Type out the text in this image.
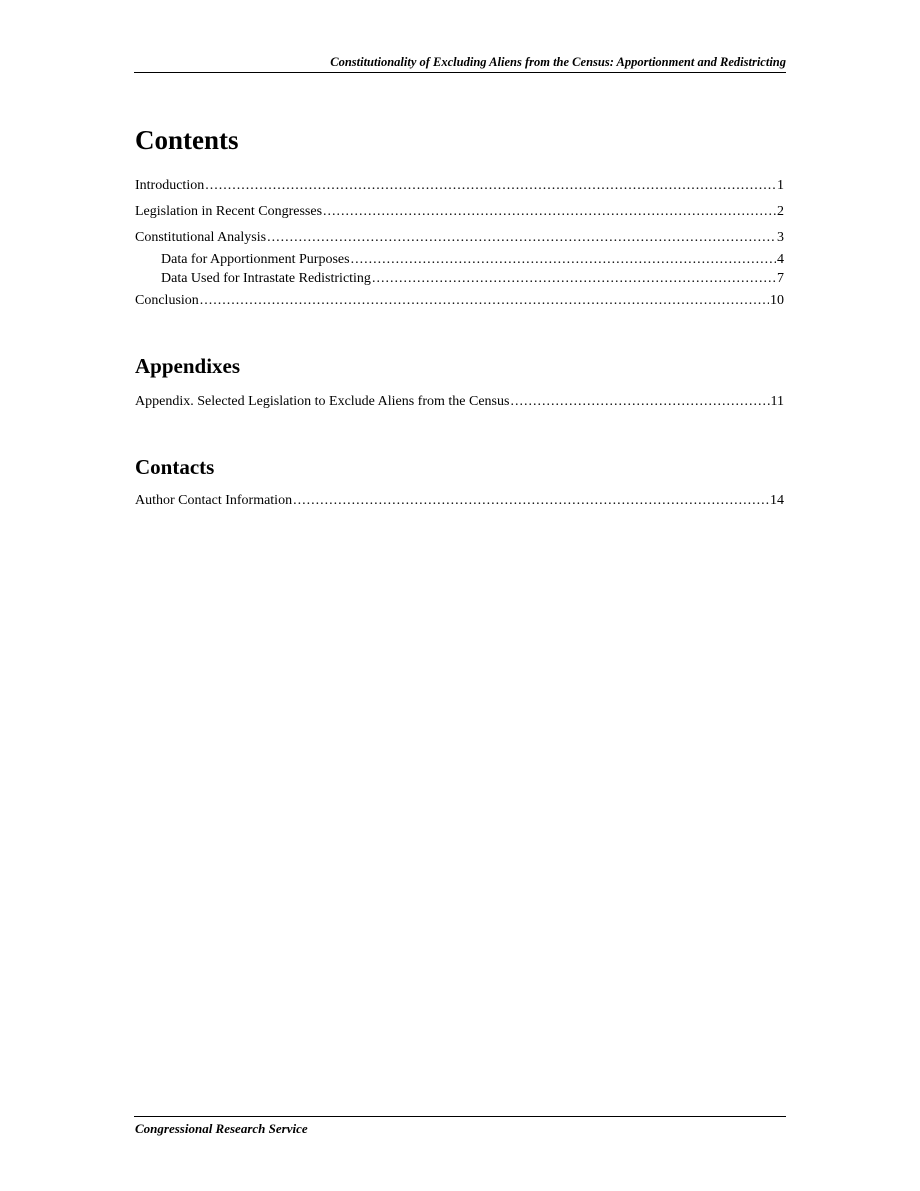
Constitutionality of Excluding Aliens from the Census: Apportionment and Redistricting
Contents
Introduction .....	1
Legislation in Recent Congresses .....	2
Constitutional Analysis .....	3
Data for Apportionment Purposes .....	4
Data Used for Intrastate Redistricting .....	7
Conclusion .....	10
Appendixes
Appendix. Selected Legislation to Exclude Aliens from the Census .....	11
Contacts
Author Contact Information .....	14
Congressional Research Service
